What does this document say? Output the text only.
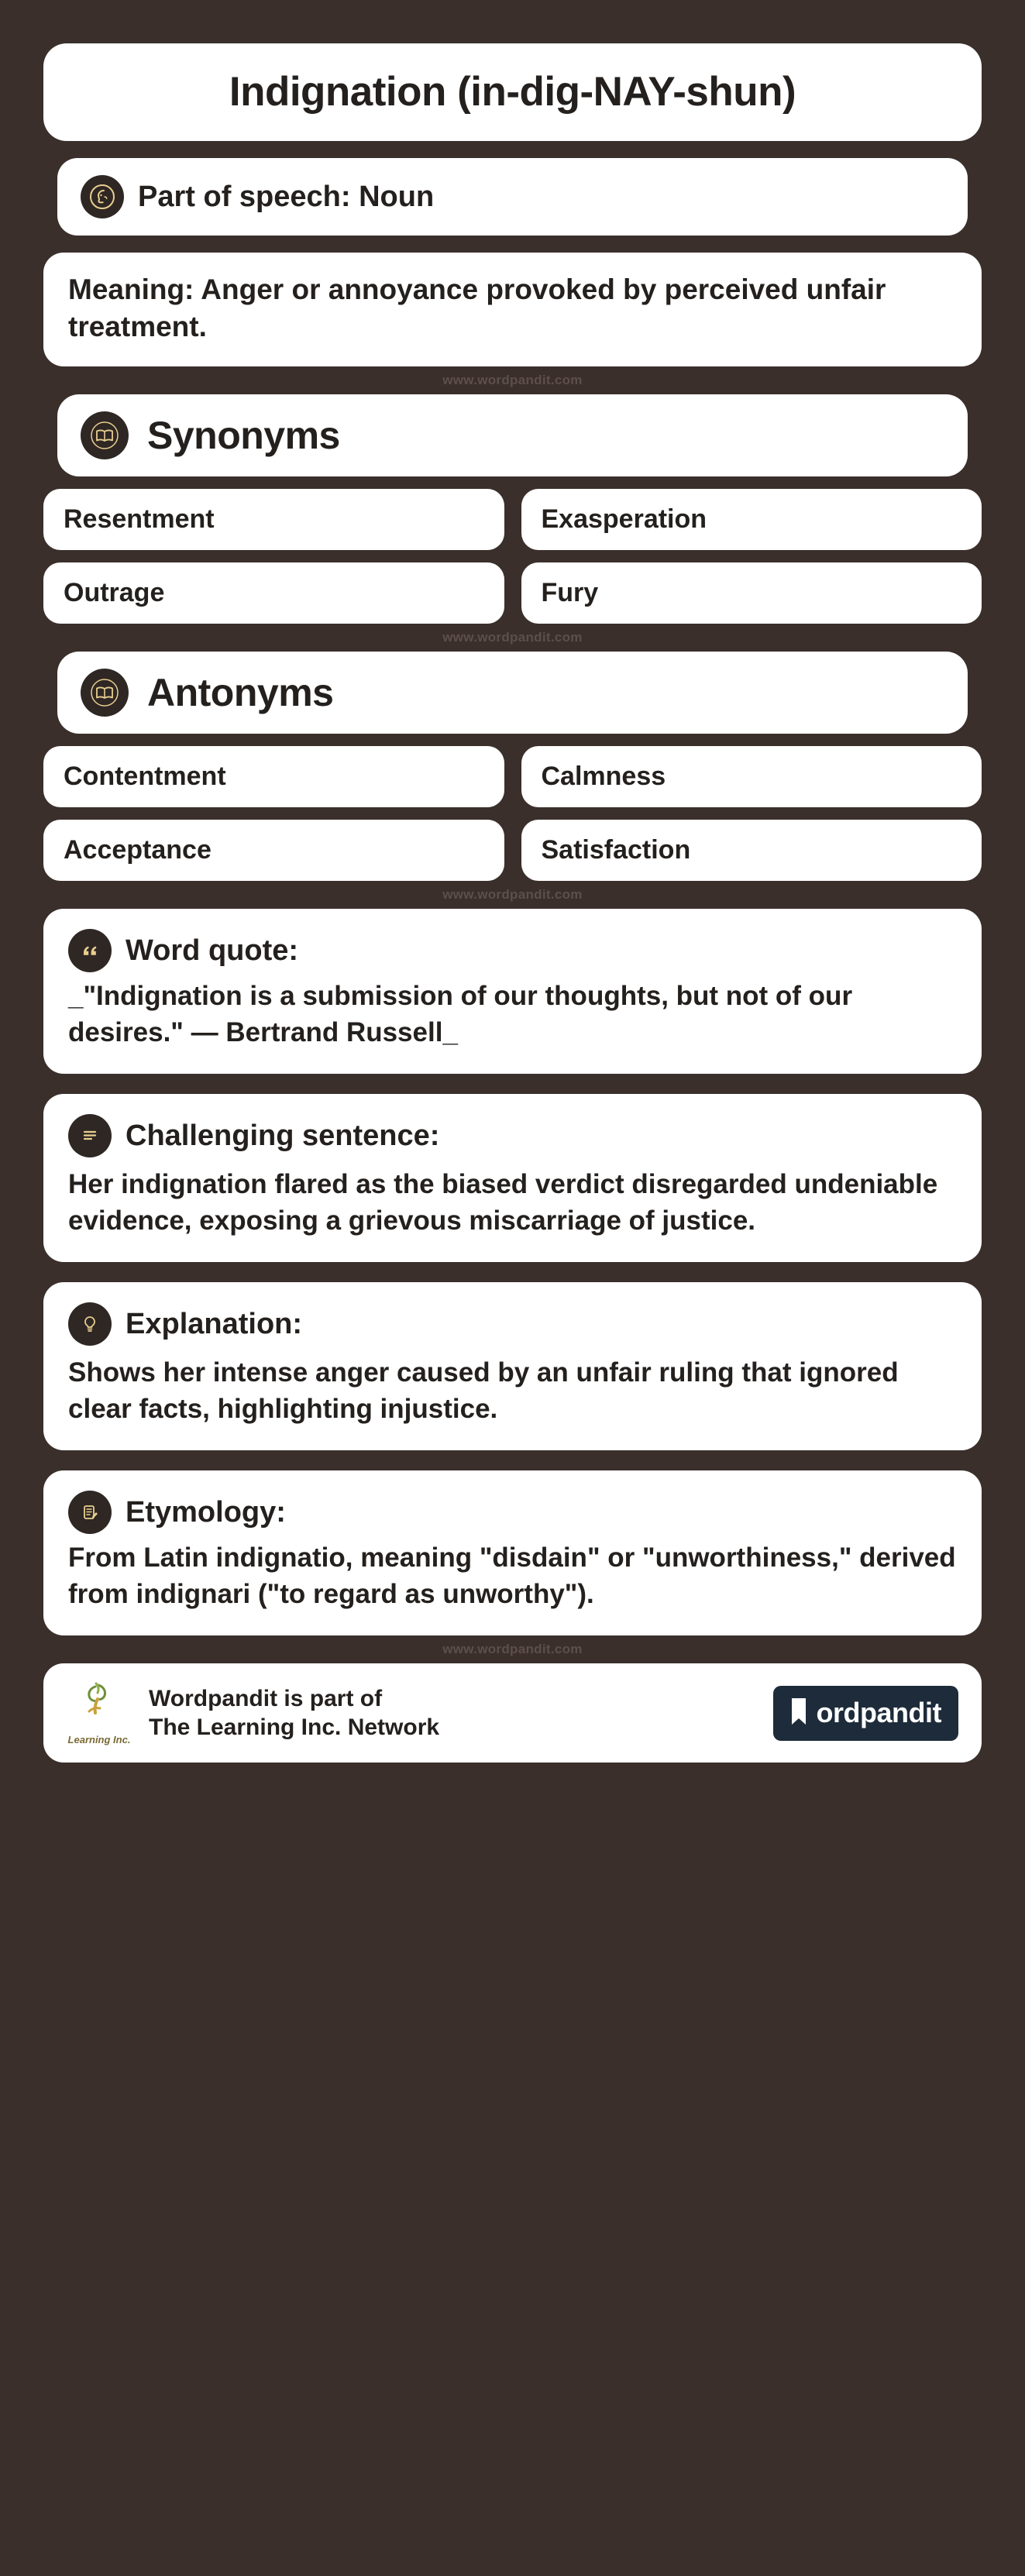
Indignation (in-dig-NAY-shun)
Part of speech: Noun
Meaning: Anger or annoyance provoked by perceived unfair treatment.
www.wordpandit.com
Synonyms
Resentment	Exasperation
Outrage	Fury
www.wordpandit.com
Antonyms
Contentment	Calmness
Acceptance	Satisfaction
www.wordpandit.com
Word quote:
_"Indignation is a submission of our thoughts, but not of our desires." — Bertrand Russell_
Challenging sentence:
Her indignation flared as the biased verdict disregarded undeniable evidence, exposing a grievous miscarriage of justice.
Explanation:
Shows her intense anger caused by an unfair ruling that ignored clear facts, highlighting injustice.
Etymology:
From Latin indignatio, meaning "disdain" or "unworthiness," derived from indignari ("to regard as unworthy").
www.wordpandit.com
Learning Inc.
Wordpandit is part of
The Learning Inc. Network	ordpandit
